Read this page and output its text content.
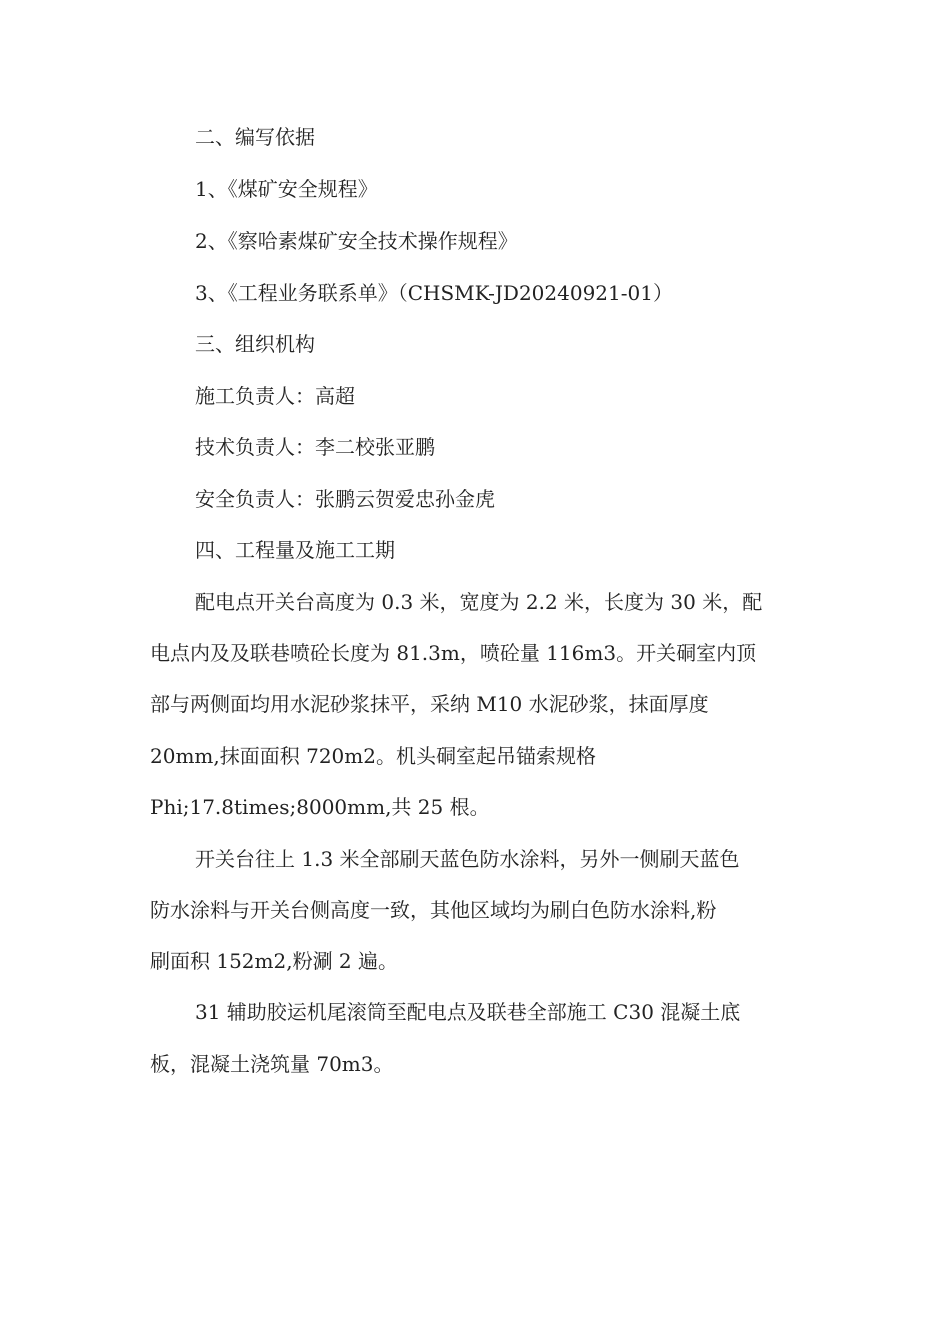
二、编写依据
1、《煤矿安全规程》
2、《察哈素煤矿安全技术操作规程》
3、《工程业务联系单》（CHSMK-JD20240921-01）
三、组织机构
施工负责人：高超
技术负责人：李二校张亚鹏
安全负责人：张鹏云贺爱忠孙金虎
四、工程量及施工工期
配电点开关台高度为 0.3 米，宽度为 2.2 米，长度为 30 米，配
电点内及及联巷喷砼长度为 81.3m，喷砼量 116m3。开关硐室内顶
部与两侧面均用水泥砂浆抹平，采纳 M10 水泥砂浆，抹面厚度
20mm,抹面面积 720m2。机头硐室起吊锚索规格
Phi;17.8times;8000mm,共 25 根。
开关台往上 1.3 米全部刷天蓝色防水涂料，另外一侧刷天蓝色
防水涂料与开关台侧高度一致，其他区域均为刷白色防水涂料,粉
刷面积 152m2,粉涮 2 遍。
31 辅助胶运机尾滚筒至配电点及联巷全部施工 C30 混凝土底
板，混凝土浇筑量 70m3。
